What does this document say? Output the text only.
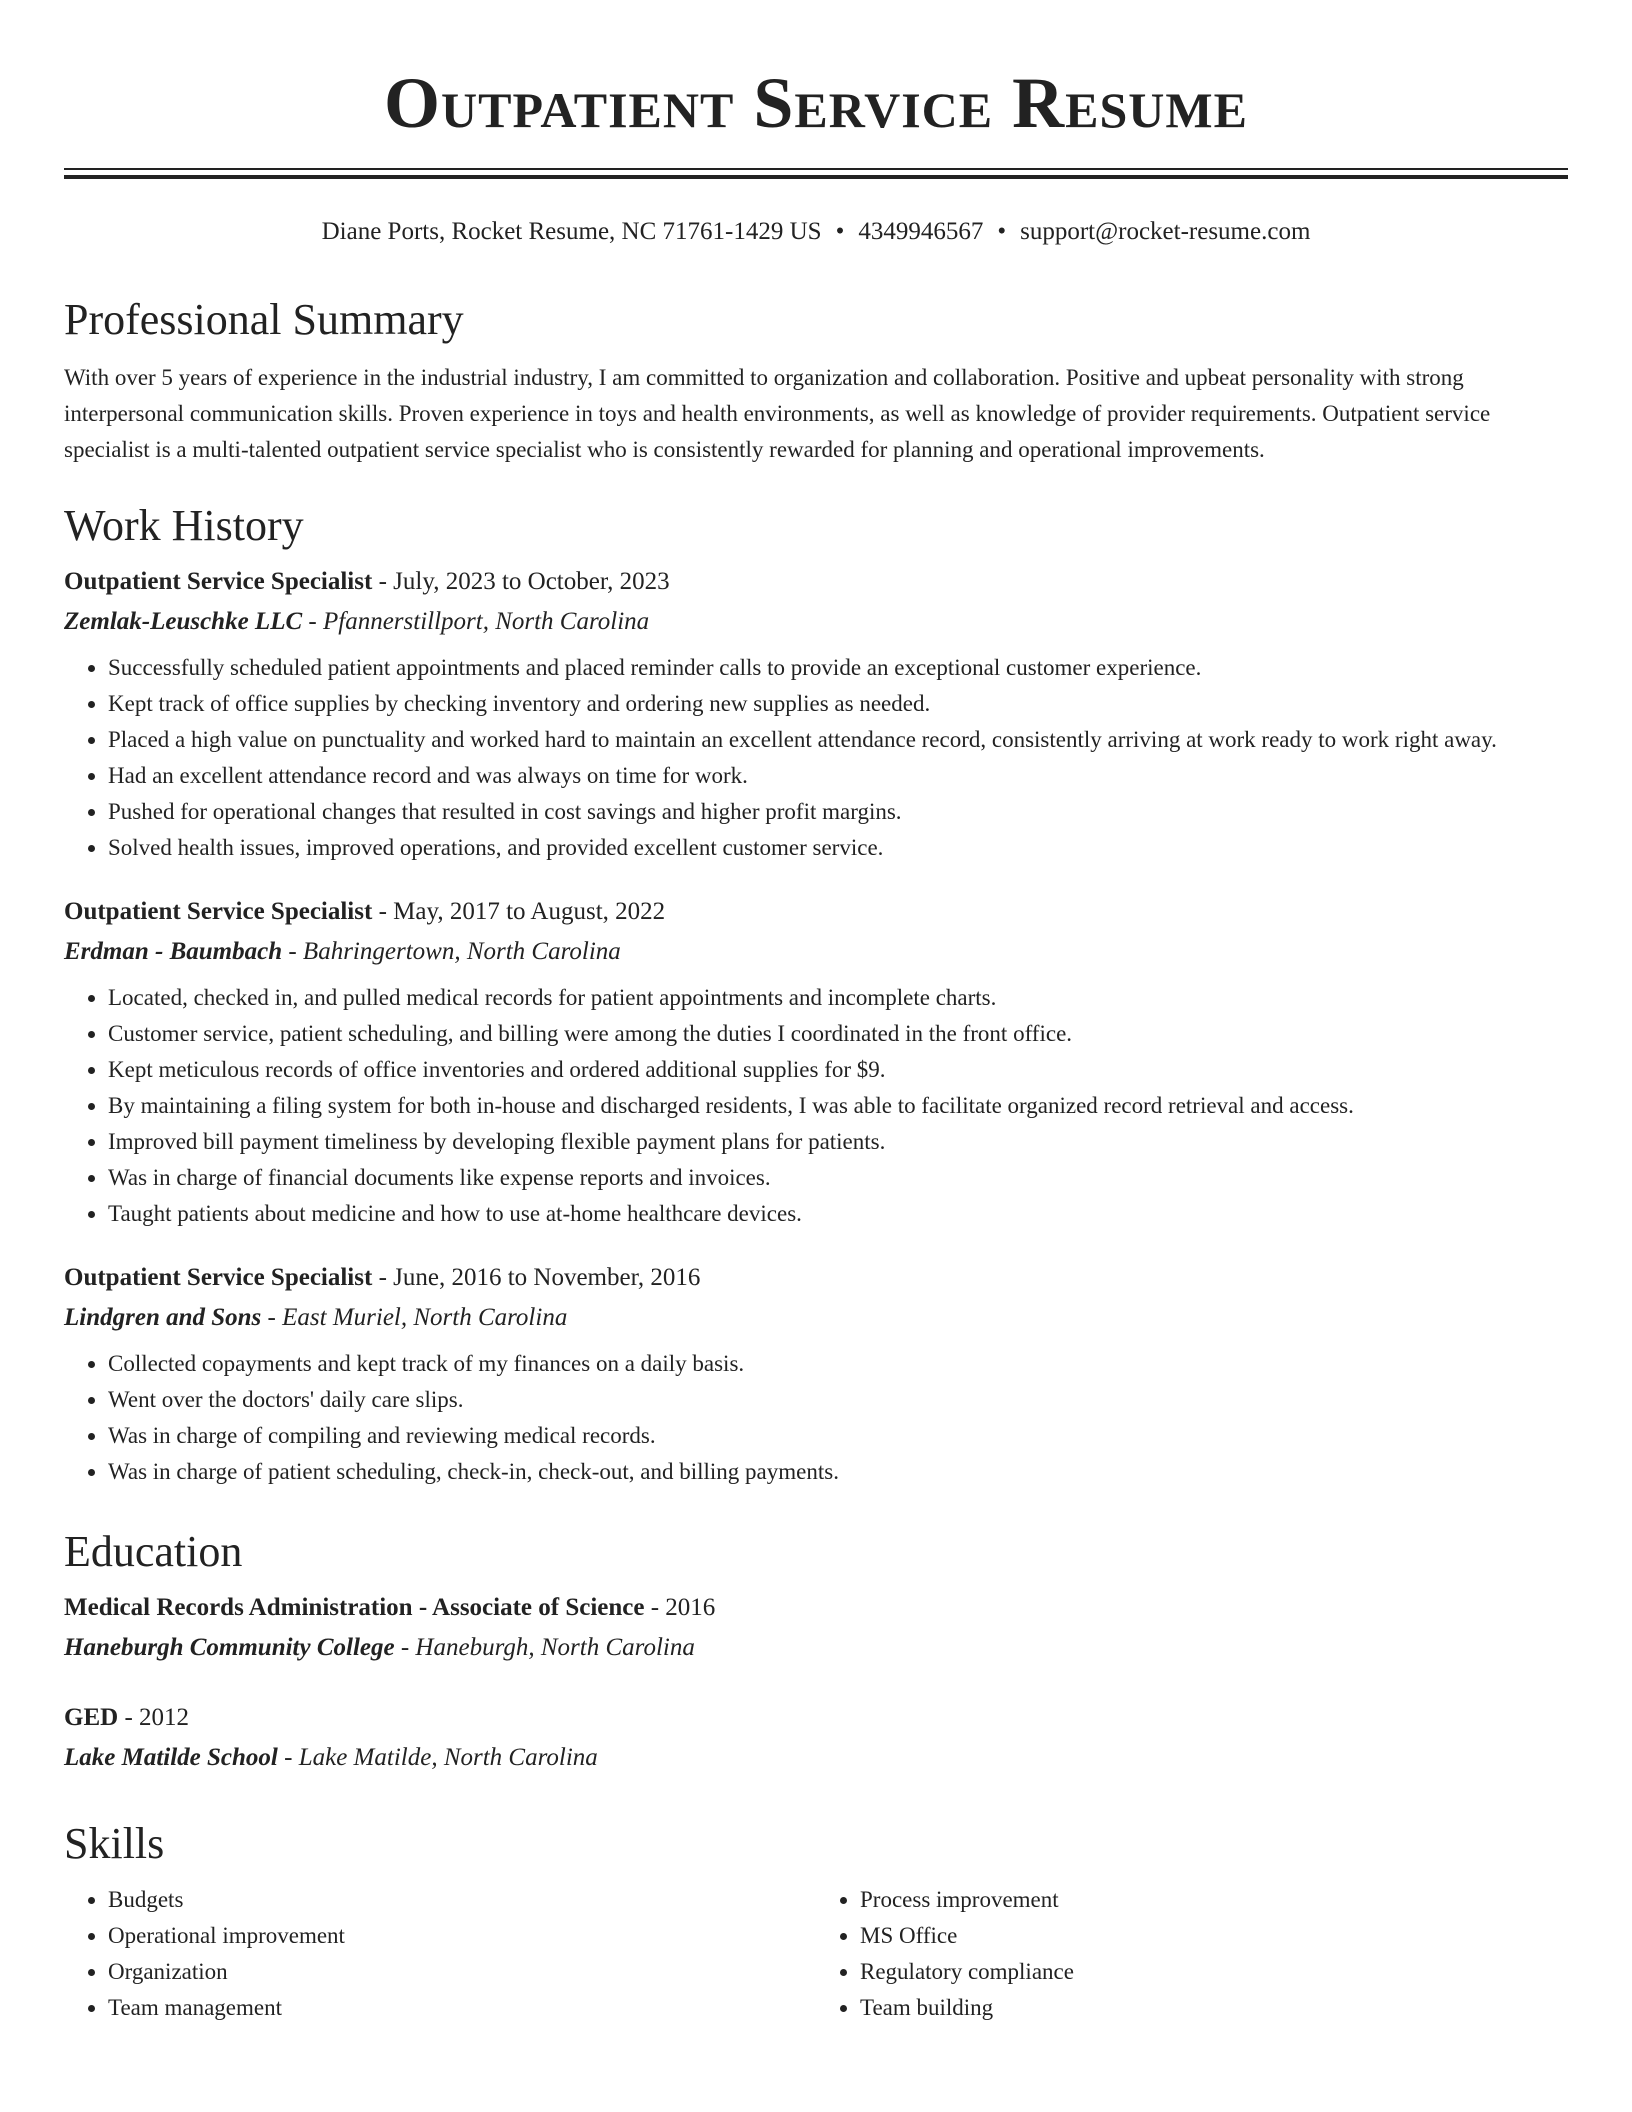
Outpatient Service Resume
Diane Ports, Rocket Resume, NC 71761-1429 US • 4349946567 • support@rocket-resume.com
Professional Summary

With over 5 years of experience in the industrial industry, I am committed to organization and collaboration. Positive and upbeat personality with strong interpersonal communication skills. Proven experience in toys and health environments, as well as knowledge of provider requirements. Outpatient service specialist is a multi-talented outpatient service specialist who is consistently rewarded for planning and operational improvements.

Work History
Outpatient Service Specialist - July, 2023 to October, 2023
Zemlak-Leuschke LLC - Pfannerstillport, North Carolina
• Successfully scheduled patient appointments and placed reminder calls to provide an exceptional customer experience.
• Kept track of office supplies by checking inventory and ordering new supplies as needed.
• Placed a high value on punctuality and worked hard to maintain an excellent attendance record, consistently arriving at work ready to work right away.
• Had an excellent attendance record and was always on time for work.
• Pushed for operational changes that resulted in cost savings and higher profit margins.
• Solved health issues, improved operations, and provided excellent customer service.
Outpatient Service Specialist - May, 2017 to August, 2022
Erdman - Baumbach - Bahringertown, North Carolina
• Located, checked in, and pulled medical records for patient appointments and incomplete charts.
• Customer service, patient scheduling, and billing were among the duties I coordinated in the front office.
• Kept meticulous records of office inventories and ordered additional supplies for $9.
• By maintaining a filing system for both in-house and discharged residents, I was able to facilitate organized record retrieval and access.
• Improved bill payment timeliness by developing flexible payment plans for patients.
• Was in charge of financial documents like expense reports and invoices.
• Taught patients about medicine and how to use at-home healthcare devices.
Outpatient Service Specialist - June, 2016 to November, 2016
Lindgren and Sons - East Muriel, North Carolina
• Collected copayments and kept track of my finances on a daily basis.
• Went over the doctors' daily care slips.
• Was in charge of compiling and reviewing medical records.
• Was in charge of patient scheduling, check-in, check-out, and billing payments.
Education
Medical Records Administration - Associate of Science - 2016
Haneburgh Community College - Haneburgh, North Carolina
GED - 2012
Lake Matilde School - Lake Matilde, North Carolina
Skills
• Budgets
• Operational improvement
• Organization
• Team management
• Process improvement
• MS Office
• Regulatory compliance
• Team building
